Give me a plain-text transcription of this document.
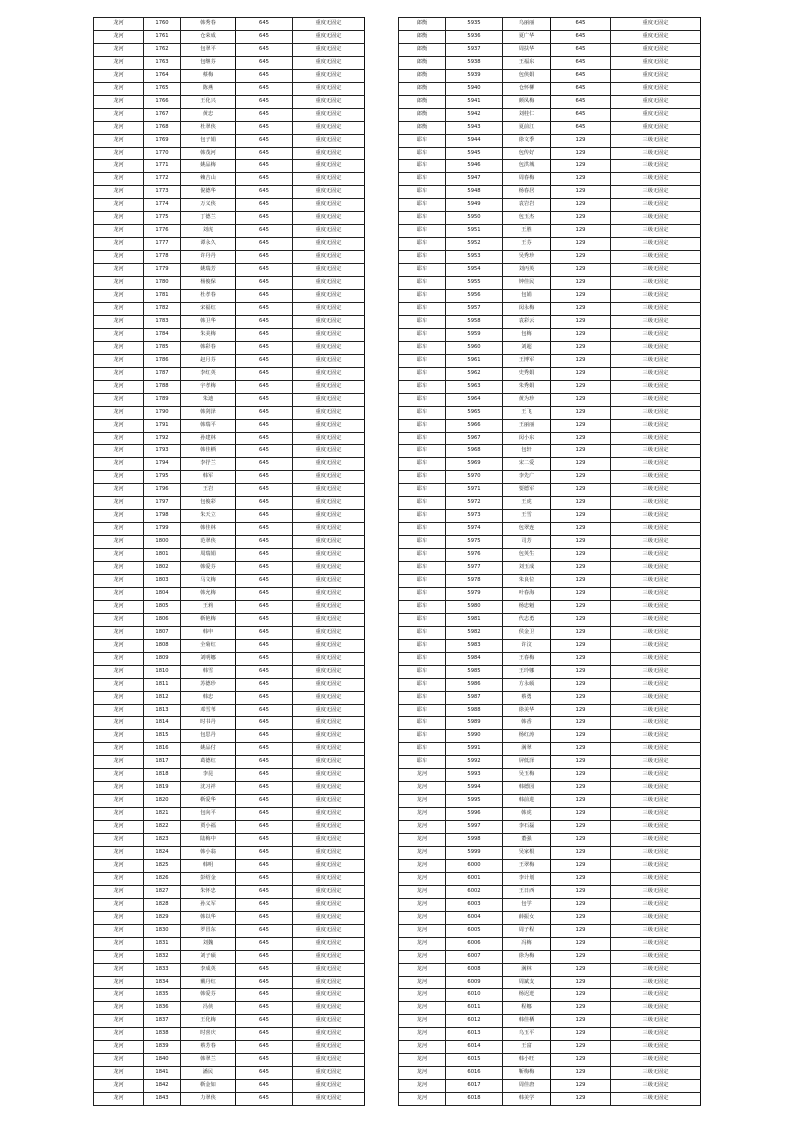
龙河	1760	韩秀春	645	重度无固定
龙河	1761	仓荣成	645	重度无固定
龙河	1762	包翠平	645	重度无固定
龙河	1763	包继芬	645	重度无固定
龙河	1764	蔡梅	645	重度无固定
龙河	1765	陈燕	645	重度无固定
龙河	1766	王化兴	645	重度无固定
龙河	1767	黄忠	645	重度无固定
龙河	1768	杜翠侠	645	重度无固定
龙河	1769	包子娟	645	重度无固定
龙河	1770	韩茂河	645	重度无固定
龙河	1771	姚品梅	645	重度无固定
龙河	1772	赖吉山	645	重度无固定
龙河	1773	倪德华	645	重度无固定
龙河	1774	万义侠	645	重度无固定
龙河	1775	丁德兰	645	重度无固定
龙河	1776	刘虎	645	重度无固定
龙河	1777	谭永久	645	重度无固定
龙河	1778	许丹丹	645	重度无固定
龙河	1779	姚瑞芳	645	重度无固定
龙河	1780	杨俊保	645	重度无固定
龙河	1781	杜孝春	645	重度无固定
龙河	1782	宋福红	645	重度无固定
龙河	1783	韩卫华	645	重度无固定
龙河	1784	朱美梅	645	重度无固定
龙河	1785	韩彩春	645	重度无固定
龙河	1786	赵月芬	645	重度无固定
龙河	1787	李红英	645	重度无固定
龙河	1788	宇孝梅	645	重度无固定
龙河	1789	朱迪	645	重度无固定
龙河	1790	韩剑泽	645	重度无固定
龙河	1791	韩瑞平	645	重度无固定
龙河	1792	孙建林	645	重度无固定
龙河	1793	韩佳栖	645	重度无固定
龙河	1794	李抒兰	645	重度无固定
龙河	1795	韩军	645	重度无固定
龙河	1796	王岩	645	重度无固定
龙河	1797	包俊彩	645	重度无固定
龙河	1798	朱天立	645	重度无固定
龙河	1799	韩佳林	645	重度无固定
龙河	1800	范翠侠	645	重度无固定
龙河	1801	周瑞娟	645	重度无固定
龙河	1802	韩爱芬	645	重度无固定
龙河	1803	马文梅	645	重度无固定
龙河	1804	韩允梅	645	重度无固定
龙河	1805	王莉	645	重度无固定
龙河	1806	靳艳梅	645	重度无固定
龙河	1807	韩申	645	重度无固定
龙河	1808	全菊红	645	重度无固定
龙河	1809	刘明娜	645	重度无固定
龙河	1810	韩雪	645	重度无固定
龙河	1811	苏德珍	645	重度无固定
龙河	1812	韩忠	645	重度无固定
龙河	1813	邓雪苇	645	重度无固定
龙河	1814	时书丹	645	重度无固定
龙河	1815	包思丹	645	重度无固定
龙河	1816	姚品付	645	重度无固定
龙河	1817	葛德红	645	重度无固定
龙河	1818	李昆	645	重度无固定
龙河	1819	沈习祥	645	重度无固定
龙河	1820	靳爱华	645	重度无固定
龙河	1821	包向平	645	重度无固定
龙河	1822	贾小福	645	重度无固定
龙河	1823	陆梅中	645	重度无固定
龙河	1824	韩小翁	645	重度无固定
龙河	1825	韩明	645	重度无固定
龙河	1826	彭绍金	645	重度无固定
龙河	1827	朱怀忠	645	重度无固定
龙河	1828	孙义军	645	重度无固定
龙河	1829	韩以华	645	重度无固定
龙河	1830	罗冒东	645	重度无固定
龙河	1831	刘魏	645	重度无固定
龙河	1832	刘子硕	645	重度无固定
龙河	1833	李成英	645	重度无固定
龙河	1834	戴丹红	645	重度无固定
龙河	1835	韩爱芬	645	重度无固定
龙河	1836	冯侠	645	重度无固定
龙河	1837	王化梅	645	重度无固定
龙河	1838	时喜庆	645	重度无固定
龙河	1839	蔡芳春	645	重度无固定
龙河	1840	韩翠兰	645	重度无固定
龙河	1841	潘民	645	重度无固定
龙河	1842	靳金如	645	重度无固定
龙河	1843	力翠侠	645	重度无固定
郎衡	5935	乌丽丽	645	重度无固定
郎衡	5936	夏广华	645	重度无固定
郎衡	5937	周扶华	645	重度无固定
郎衡	5938	王福东	645	重度无固定
郎衡	5939	包侠娟	645	重度无固定
郎衡	5940	仓怀柳	645	重度无固定
郎衡	5941	颜凤梅	645	重度无固定
郎衡	5942	刘桂仁	645	重度无固定
郎衡	5943	夏前江	645	重度无固定
耶车	5944	徐文季	129	三级无固定
耶车	5945	包传好	129	三级无固定
耶车	5946	包洪城	129	三级无固定
耶车	5947	周春梅	129	三级无固定
耶车	5948	杨春居	129	三级无固定
耶车	5949	袁岩岩	129	三级无固定
耶车	5950	包玉杰	129	三级无固定
耶车	5951	王胜	129	三级无固定
耶车	5952	王芬	129	三级无固定
耶车	5953	吴秀珍	129	三级无固定
耶车	5954	刘丙英	129	三级无固定
耶车	5955	钟佳民	129	三级无固定
耶车	5956	包娟	129	三级无固定
耶车	5957	闵永梅	129	三级无固定
耶车	5958	袁彩云	129	三级无固定
耶车	5959	包梅	129	三级无固定
耶车	5960	刘超	129	三级无固定
耶车	5961	王博军	129	三级无固定
耶车	5962	史秀娟	129	三级无固定
耶车	5963	朱秀娟	129	三级无固定
耶车	5964	黄为珍	129	三级无固定
耶车	5965	王飞	129	三级无固定
耶车	5966	王丽丽	129	三级无固定
耶车	5967	闵小东	129	三级无固定
耶车	5968	包轩	129	三级无固定
耶车	5969	宋二爱	129	三级无固定
耶车	5970	李先广	129	三级无固定
耶车	5971	要德军	129	三级无固定
耶车	5972	王虎	129	三级无固定
耶车	5973	王雪	129	三级无固定
耶车	5974	包翠连	129	三级无固定
耶车	5975	司芳	129	三级无固定
耶车	5976	包英生	129	三级无固定
耶车	5977	刘玉成	129	三级无固定
耶车	5978	朱良位	129	三级无固定
耶车	5979	叶春海	129	三级无固定
耶车	5980	杨忠魁	129	三级无固定
耶车	5981	代志勇	129	三级无固定
耶车	5982	侯金卫	129	三级无固定
耶车	5983	许汶	129	三级无固定
耶车	5984	王春梅	129	三级无固定
耶车	5985	王玲娜	129	三级无固定
耶车	5986	方永硕	129	三级无固定
耶车	5987	蔡勇	129	三级无固定
耶车	5988	徐美华	129	三级无固定
耶车	5989	韩香	129	三级无固定
耶车	5990	杨红涛	129	三级无固定
耶车	5991	满翠	129	三级无固定
耶车	5992	屏低泽	129	三级无固定
龙河	5993	吴玉梅	129	三级无固定
龙河	5994	韩德园	129	三级无固定
龙河	5995	韩前进	129	三级无固定
龙河	5996	韩虎	129	三级无固定
龙河	5997	李石磊	129	三级无固定
龙河	5998	董强	129	三级无固定
龙河	5999	吴家根	129	三级无固定
龙河	6000	王翠梅	129	三级无固定
龙河	6001	李计划	129	三级无固定
龙河	6002	王日西	129	三级无固定
龙河	6003	包学	129	三级无固定
龙河	6004	薛振女	129	三级无固定
龙河	6005	周子程	129	三级无固定
龙河	6006	冯梅	129	三级无固定
龙河	6007	徐为梅	129	三级无固定
龙河	6008	满林	129	三级无固定
龙河	6009	周斌支	129	三级无固定
龙河	6010	杨迟迸	129	三级无固定
龙河	6011	程娜	129	三级无固定
龙河	6012	韩佳栖	129	三级无固定
龙河	6013	乌玉平	129	三级无固定
龙河	6014	王富	129	三级无固定
龙河	6015	韩小旺	129	三级无固定
龙河	6016	靳梅梅	129	三级无固定
龙河	6017	周佳唐	129	三级无固定
龙河	6018	韩美学	129	三级无固定
